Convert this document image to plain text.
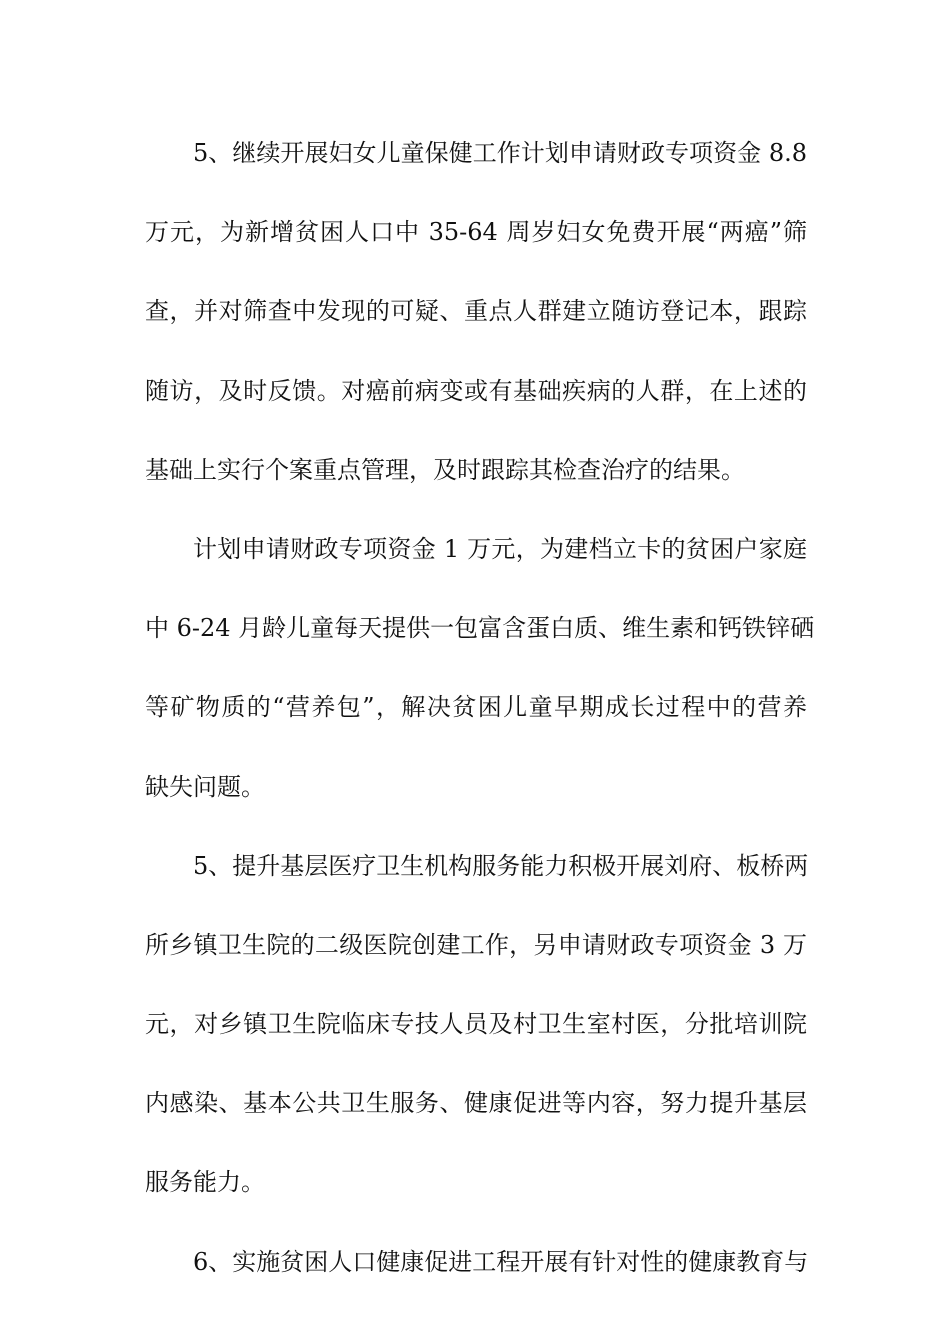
5、继续开展妇女儿童保健工作计划申请财政专项资金 8.8
万元，为新增贫困人口中 35-64 周岁妇女免费开展“两癌”筛
查，并对筛查中发现的可疑、重点人群建立随访登记本，跟踪
随访，及时反馈。对癌前病变或有基础疾病的人群，在上述的
基础上实行个案重点管理，及时跟踪其检查治疗的结果。
计划申请财政专项资金 1 万元，为建档立卡的贫困户家庭
中 6-24 月龄儿童每天提供一包富含蛋白质、维生素和钙铁锌硒
等矿物质的“营养包”，解决贫困儿童早期成长过程中的营养
缺失问题。
5、提升基层医疗卫生机构服务能力积极开展刘府、板桥两
所乡镇卫生院的二级医院创建工作，另申请财政专项资金 3 万
元，对乡镇卫生院临床专技人员及村卫生室村医，分批培训院
内感染、基本公共卫生服务、健康促进等内容，努力提升基层
服务能力。
6、实施贫困人口健康促进工程开展有针对性的健康教育与
